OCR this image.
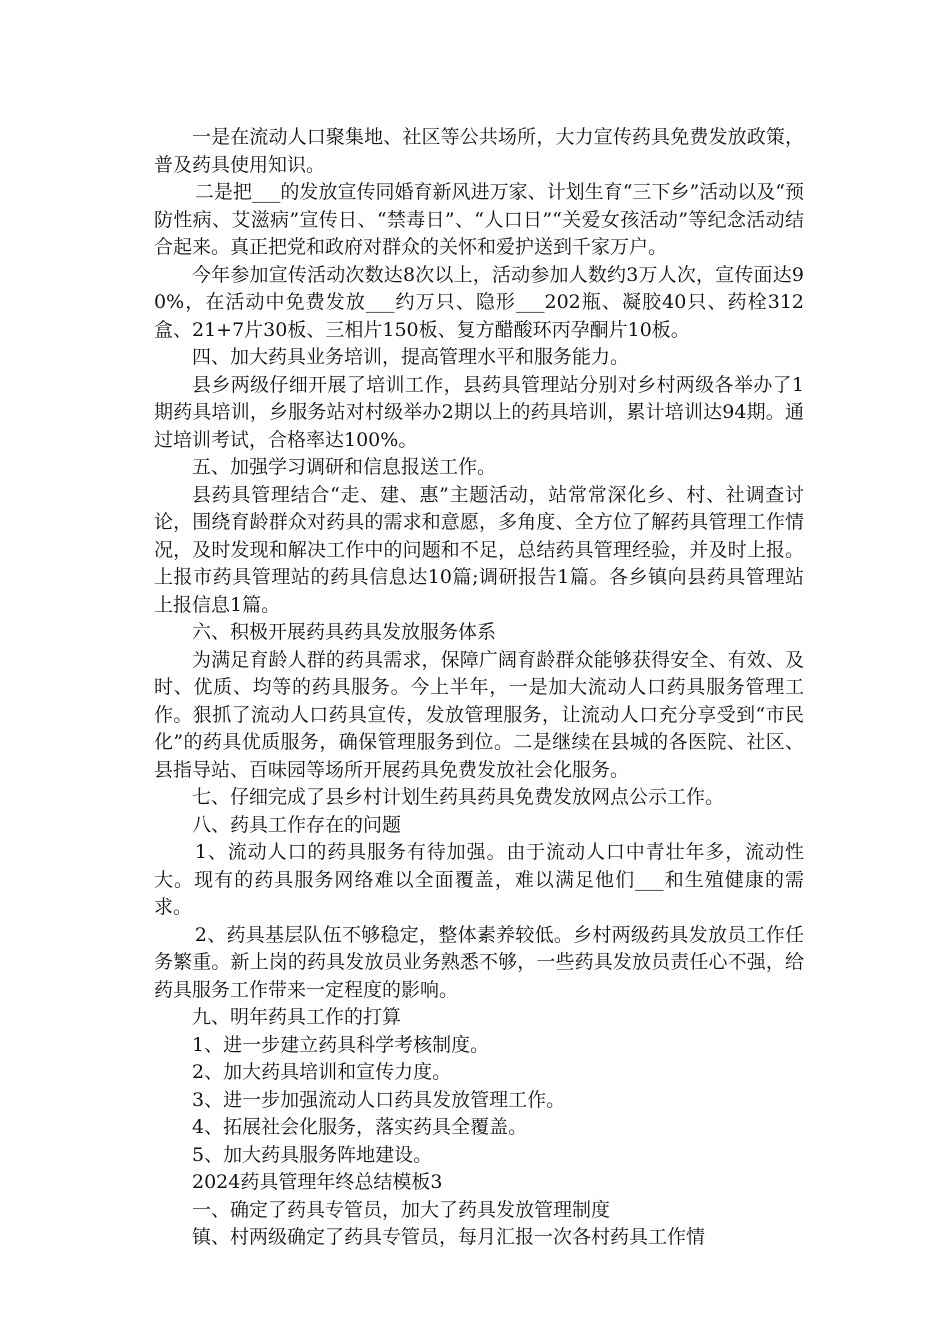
一是在流动人口聚集地、社区等公共场所，大力宣传药具免费发放政策，普及药具使用知识。

二是把___的发放宣传同婚育新风进万家、计划生育“三下乡”活动以及“预防性病、艾滋病”宣传日、“禁毒日”、“人口日”“关爱女孩活动”等纪念活动结合起来。真正把党和政府对群众的关怀和爱护送到千家万户。

今年参加宣传活动次数达8次以上，活动参加人数约3万人次，宣传面达90%，在活动中免费发放___约万只、隐形___202瓶、凝胶40只、药栓312盒、21+7片30板、三相片150板、复方醋酸环丙孕酮片10板。

四、加大药具业务培训，提高管理水平和服务能力。

县乡两级仔细开展了培训工作，县药具管理站分别对乡村两级各举办了1期药具培训，乡服务站对村级举办2期以上的药具培训，累计培训达94期。通过培训考试，合格率达100%。

五、加强学习调研和信息报送工作。

县药具管理结合“走、建、惠”主题活动，站常常深化乡、村、社调查讨论，围绕育龄群众对药具的需求和意愿，多角度、全方位了解药具管理工作情况，及时发现和解决工作中的问题和不足，总结药具管理经验，并及时上报。上报市药具管理站的药具信息达10篇;调研报告1篇。各乡镇向县药具管理站上报信息1篇。

六、积极开展药具药具发放服务体系

为满足育龄人群的药具需求，保障广阔育龄群众能够获得安全、有效、及时、优质、均等的药具服务。今上半年，一是加大流动人口药具服务管理工作。狠抓了流动人口药具宣传，发放管理服务，让流动人口充分享受到“市民化”的药具优质服务，确保管理服务到位。二是继续在县城的各医院、社区、县指导站、百味园等场所开展药具免费发放社会化服务。

七、仔细完成了县乡村计划生药具药具免费发放网点公示工作。

八、药具工作存在的问题

1、流动人口的药具服务有待加强。由于流动人口中青壮年多，流动性大。现有的药具服务网络难以全面覆盖，难以满足他们___和生殖健康的需求。

2、药具基层队伍不够稳定，整体素养较低。乡村两级药具发放员工作任务繁重。新上岗的药具发放员业务熟悉不够，一些药具发放员责任心不强，给药具服务工作带来一定程度的影响。

九、明年药具工作的打算

1、进一步建立药具科学考核制度。

2、加大药具培训和宣传力度。

3、进一步加强流动人口药具发放管理工作。

4、拓展社会化服务，落实药具全覆盖。

5、加大药具服务阵地建设。

2024药具管理年终总结模板3

一、确定了药具专管员，加大了药具发放管理制度

镇、村两级确定了药具专管员，每月汇报一次各村药具工作情
